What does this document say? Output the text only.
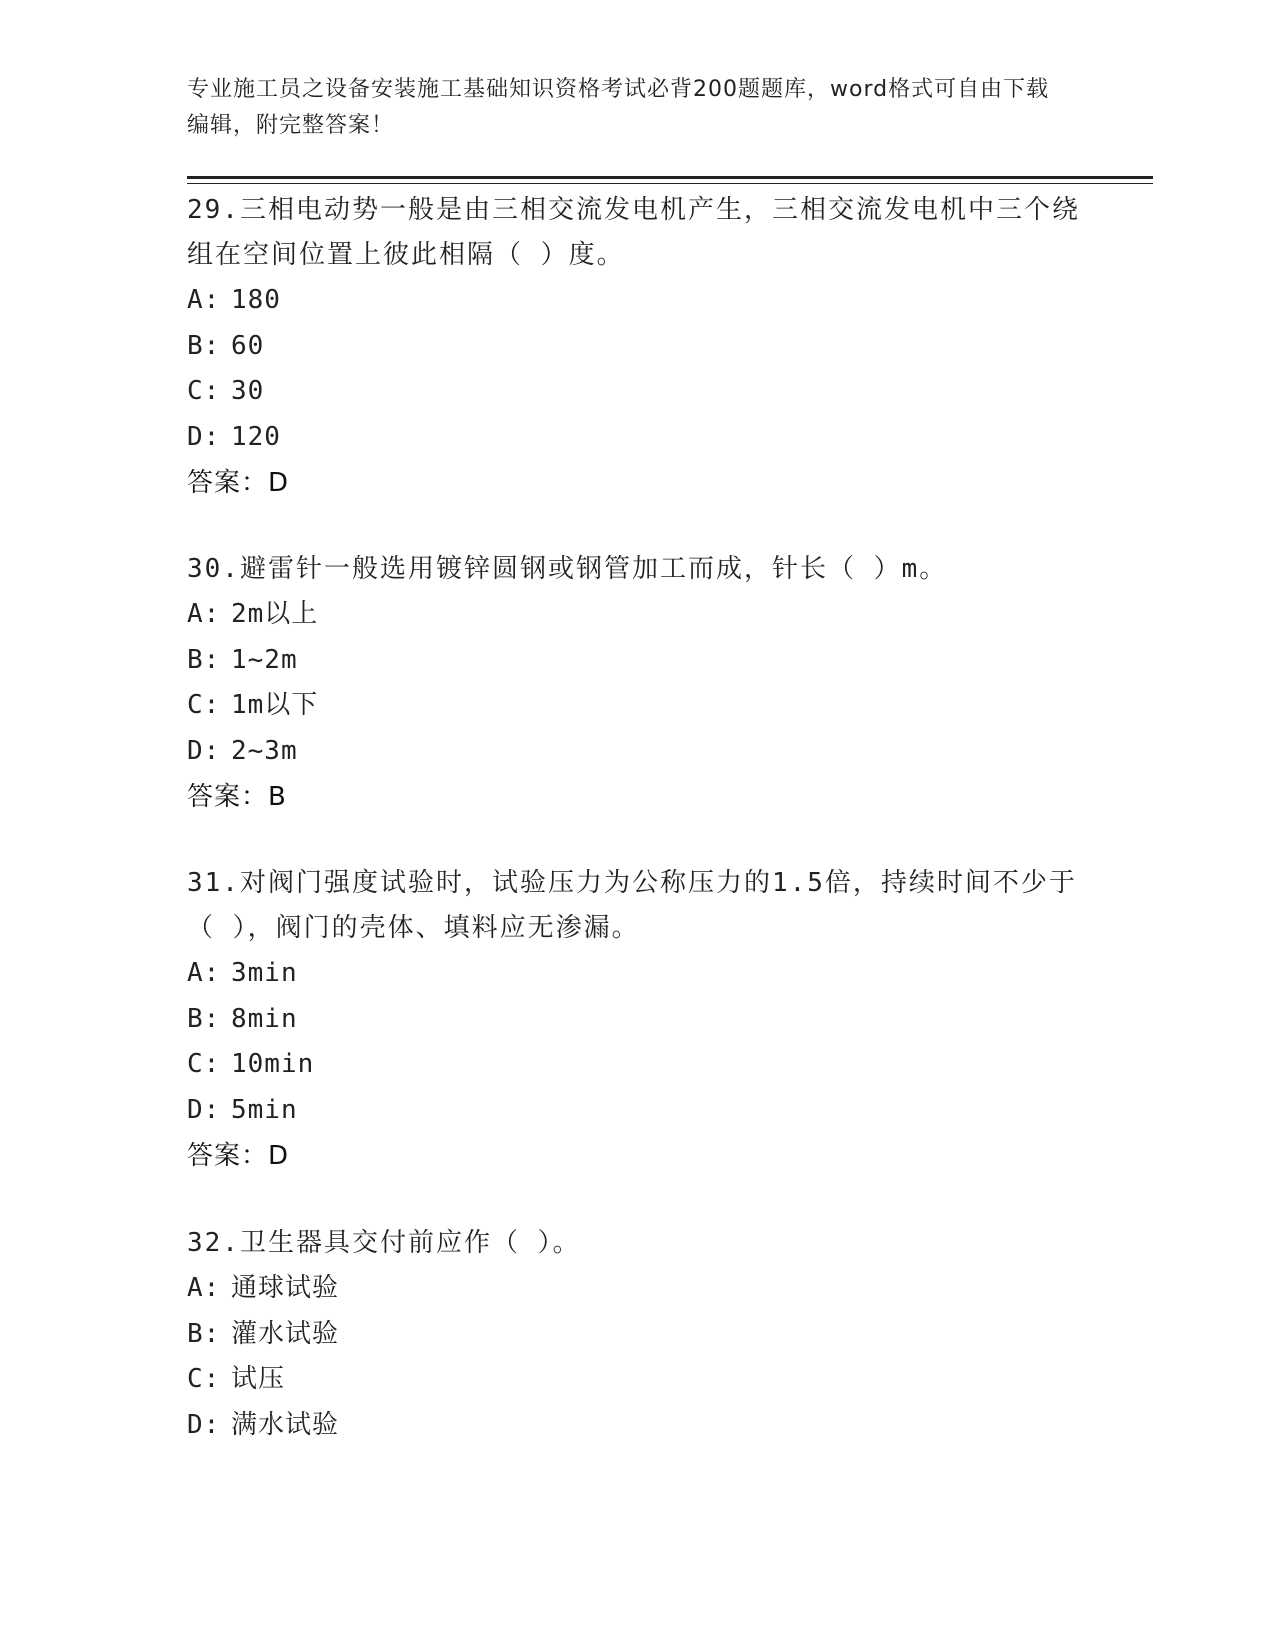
专业施工员之设备安装施工基础知识资格考试必背200题题库，word格式可自由下载编辑，附完整答案！
29.三相电动势一般是由三相交流发电机产生，三相交流发电机中三个绕组在空间位置上彼此相隔（ ）度。
A: 180
B: 60
C: 30
D: 120
答案：D
30.避雷针一般选用镀锌圆钢或钢管加工而成，针长（ ）m。
A: 2m以上
B: 1~2m
C: 1m以下
D: 2~3m
答案：B
31.对阀门强度试验时，试验压力为公称压力的1.5倍，持续时间不少于（ ），阀门的壳体、填料应无渗漏。
A: 3min
B: 8min
C: 10min
D: 5min
答案：D
32.卫生器具交付前应作（ ）。
A: 通球试验
B: 灌水试验
C: 试压
D: 满水试验
